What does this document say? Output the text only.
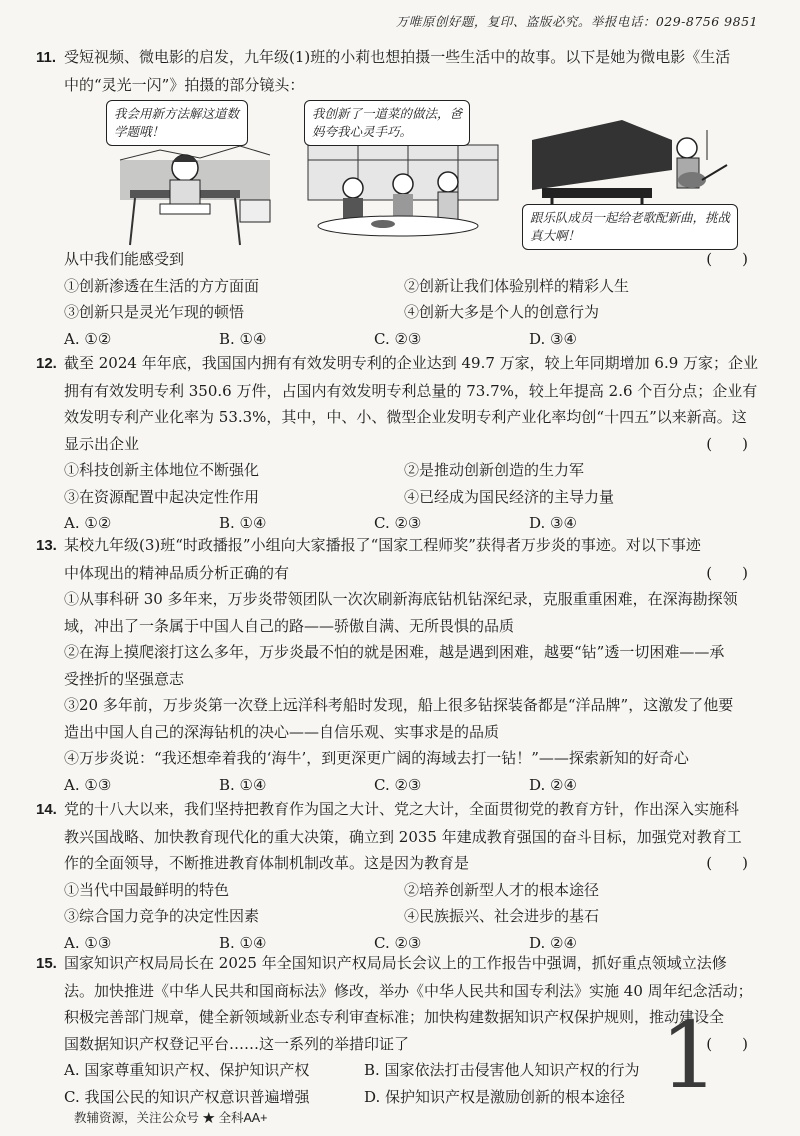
万唯原创好题，复印、盗版必究。举报电话：029-8756 9851
11. 受短视频、微电影的启发，九年级(1)班的小莉也想拍摄一些生活中的故事。以下是她为微电影《生活
中的“灵光一闪”》拍摄的部分镜头：
我会用新方法解这道数学题哦！
我创新了一道菜的做法，爸妈夸我心灵手巧。
跟乐队成员一起给老歌配新曲，挑战真大啊！
从中我们能感受到	(　　)
①创新渗透在生活的方方面面	②创新让我们体验别样的精彩人生
③创新只是灵光乍现的顿悟	④创新大多是个人的创意行为
A. ①②	B. ①④	C. ②③	D. ③④
12. 截至 2024 年年底，我国国内拥有有效发明专利的企业达到 49.7 万家，较上年同期增加 6.9 万家；企业
拥有有效发明专利 350.6 万件，占国内有效发明专利总量的 73.7%，较上年提高 2.6 个百分点；企业有
效发明专利产业化率为 53.3%，其中，中、小、微型企业发明专利产业化率均创“十四五”以来新高。这
显示出企业	(　　)
①科技创新主体地位不断强化	②是推动创新创造的生力军
③在资源配置中起决定性作用	④已经成为国民经济的主导力量
A. ①②	B. ①④	C. ②③	D. ③④
13. 某校九年级(3)班“时政播报”小组向大家播报了“国家工程师奖”获得者万步炎的事迹。对以下事迹
中体现出的精神品质分析正确的有	(　　)
①从事科研 30 多年来，万步炎带领团队一次次刷新海底钻机钻深纪录，克服重重困难，在深海勘探领
域，冲出了一条属于中国人自己的路——骄傲自满、无所畏惧的品质
②在海上摸爬滚打这么多年，万步炎最不怕的就是困难，越是遇到困难，越要“钻”透一切困难——承
受挫折的坚强意志
③20 多年前，万步炎第一次登上远洋科考船时发现，船上很多钻探装备都是“洋品牌”，这激发了他要
造出中国人自己的深海钻机的决心——自信乐观、实事求是的品质
④万步炎说：“我还想牵着我的‘海牛’，到更深更广阔的海域去打一钻！”——探索新知的好奇心
A. ①③	B. ①④	C. ②③	D. ②④
14. 党的十八大以来，我们坚持把教育作为国之大计、党之大计，全面贯彻党的教育方针，作出深入实施科
教兴国战略、加快教育现代化的重大决策，确立到 2035 年建成教育强国的奋斗目标，加强党对教育工
作的全面领导，不断推进教育体制机制改革。这是因为教育是	(　　)
①当代中国最鲜明的特色	②培养创新型人才的根本途径
③综合国力竞争的决定性因素	④民族振兴、社会进步的基石
A. ①③	B. ①④	C. ②③	D. ②④
15. 国家知识产权局局长在 2025 年全国知识产权局局长会议上的工作报告中强调，抓好重点领域立法修
法。加快推进《中华人民共和国商标法》修改，举办《中华人民共和国专利法》实施 40 周年纪念活动；
积极完善部门规章，健全新领域新业态专利审查标准；加快构建数据知识产权保护规则，推动建设全
国数据知识产权登记平台……这一系列的举措印证了	(　　)
A. 国家尊重知识产权、保护知识产权	B. 国家依法打击侵害他人知识产权的行为
C. 我国公民的知识产权意识普遍增强	D. 保护知识产权是激励创新的根本途径 1
教辅资源，关注公众号 ★ 全科AA+
